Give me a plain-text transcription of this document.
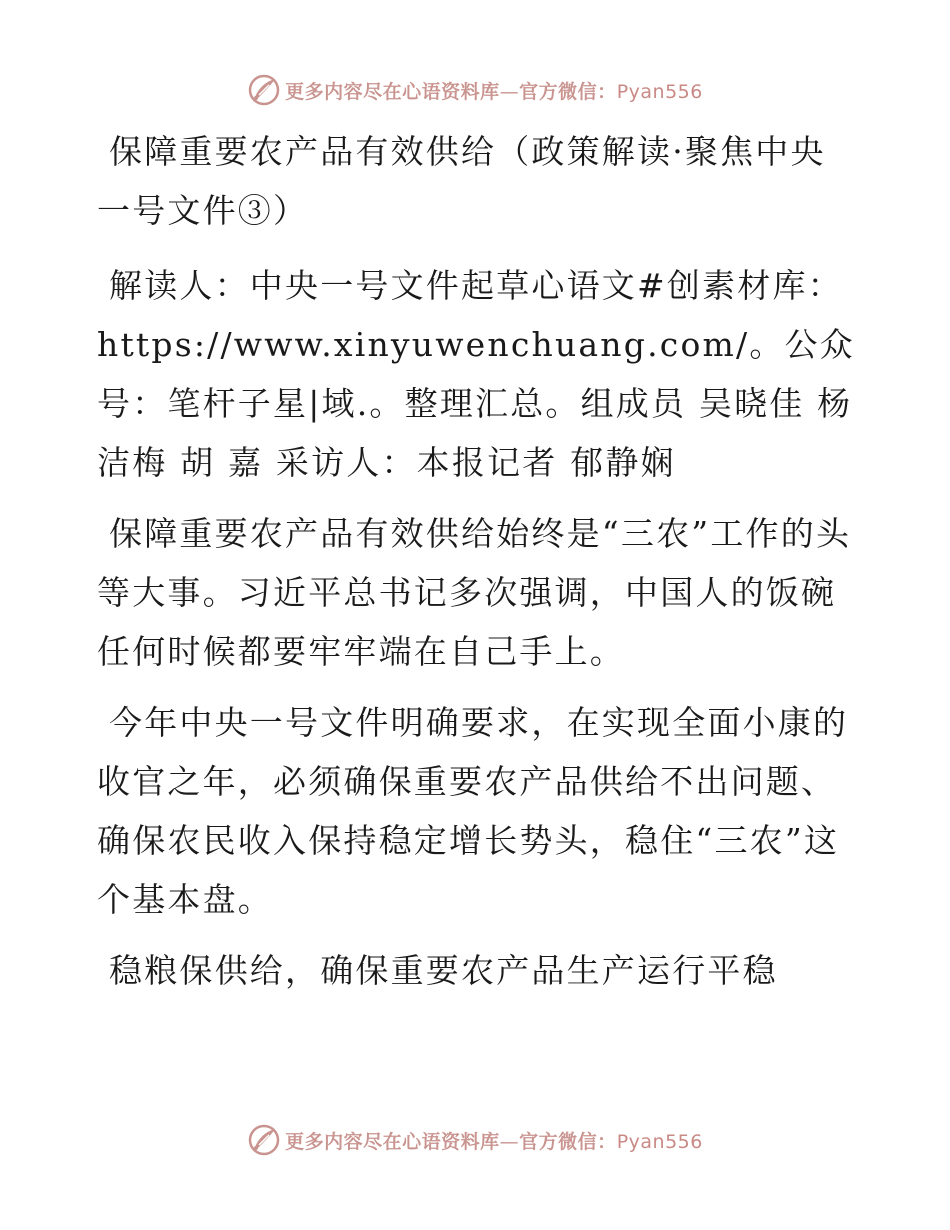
更多内容尽在心语资料库—官方微信：Pyan556

保障重要农产品有效供给（政策解读·聚焦中央一号文件③）

解读人：中央一号文件起草心语文#创素材库：https://www.xinyuwenchuang.com/。公众号：笔杆子星|域.。整理汇总。组成员 吴晓佳 杨洁梅 胡 嘉 采访人：本报记者 郁静娴

保障重要农产品有效供给始终是“三农”工作的头等大事。习近平总书记多次强调，中国人的饭碗任何时候都要牢牢端在自己手上。

今年中央一号文件明确要求，在实现全面小康的收官之年，必须确保重要农产品供给不出问题、确保农民收入保持稳定增长势头，稳住“三农”这个基本盘。

稳粮保供给，确保重要农产品生产运行平稳

更多内容尽在心语资料库—官方微信：Pyan556
